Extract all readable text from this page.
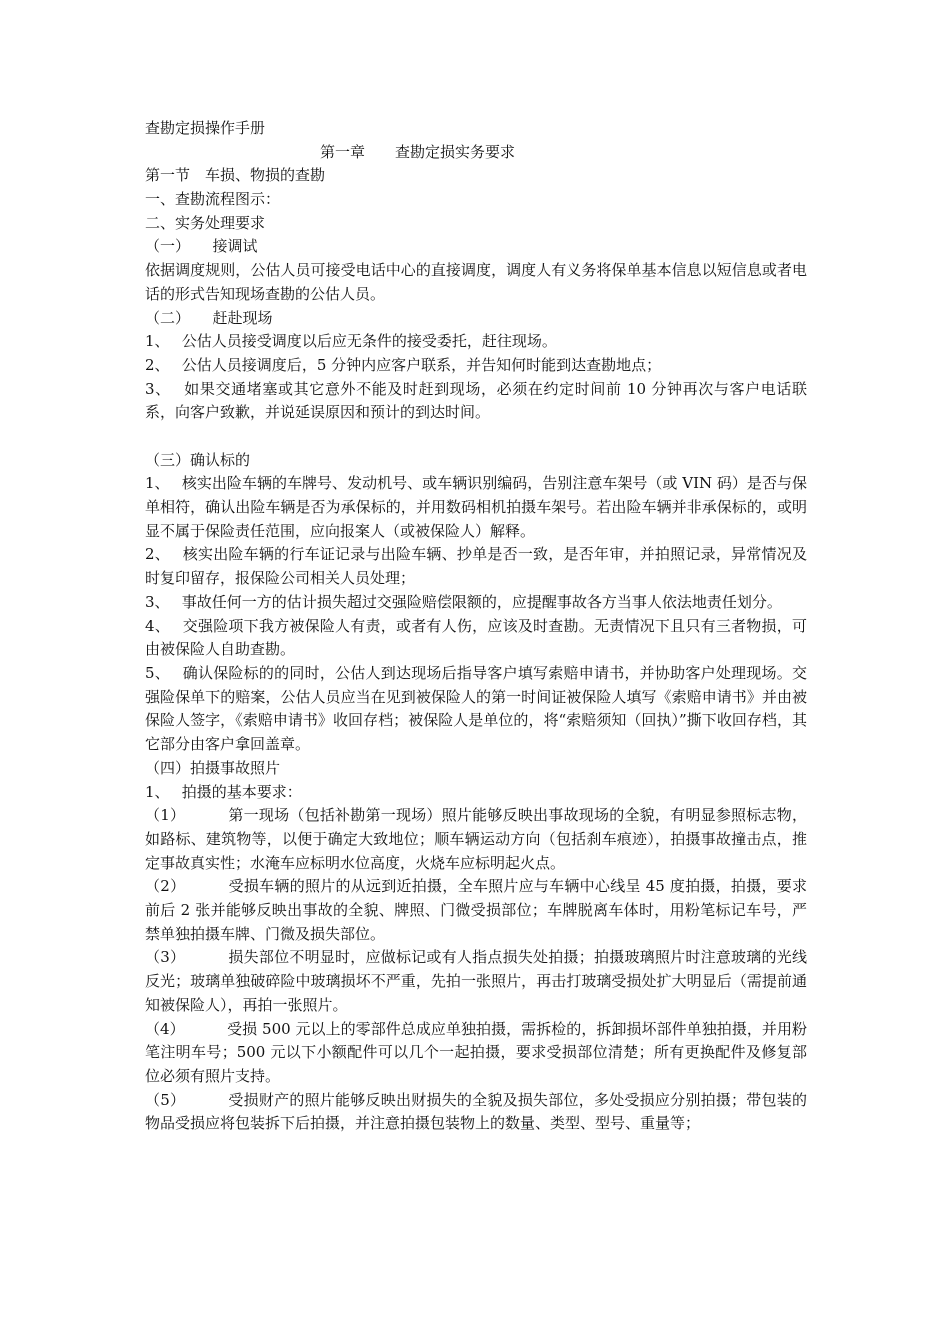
查勘定损操作手册
第一章　　查勘定损实务要求
第一节　车损、物损的查勘
一、查勘流程图示：
二、实务处理要求
（一）　　接调试

依据调度规则，公估人员可接受电话中心的直接调度，调度人有义务将保单基本信息以短信息或者电话的形式告知现场查勘的公估人员。

（二）　　赶赴现场
1、　 公估人员接受调度以后应无条件的接受委托，赶往现场。
2、　 公估人员接调度后，5 分钟内应客户联系，并告知何时能到达查勘地点；

3、　 如果交通堵塞或其它意外不能及时赶到现场，必须在约定时间前 10 分钟再次与客户电话联系，向客户致歉，并说延误原因和预计的到达时间。

（三）确认标的

1、　 核实出险车辆的车牌号、发动机号、或车辆识别编码，告别注意车架号（或 VIN 码）是否与保单相符，确认出险车辆是否为承保标的，并用数码相机拍摄车架号。若出险车辆并非承保标的，或明显不属于保险责任范围，应向报案人（或被保险人）解释。

2、　 核实出险车辆的行车证记录与出险车辆、抄单是否一致，是否年审，并拍照记录，异常情况及时复印留存，报保险公司相关人员处理；

3、　 事故任何一方的估计损失超过交强险赔偿限额的，应提醒事故各方当事人依法地责任划分。

4、　 交强险项下我方被保险人有责，或者有人伤，应该及时查勘。无责情况下且只有三者物损，可由被保险人自助查勘。

5、　 确认保险标的的同时，公估人到达现场后指导客户填写索赔申请书，并协助客户处理现场。交强险保单下的赔案，公估人员应当在见到被保险人的第一时间证被保险人填写《索赔申请书》并由被保险人签字，《索赔申请书》收回存档；被保险人是单位的，将“索赔须知（回执）”撕下收回存档，其它部分由客户拿回盖章。

（四）拍摄事故照片
1、　 拍摄的基本要求：

（1）　　　 第一现场（包括补勘第一现场）照片能够反映出事故现场的全貌，有明显参照标志物，如路标、建筑物等，以便于确定大致地位；顺车辆运动方向（包括刹车痕迹），拍摄事故撞击点，推定事故真实性；水淹车应标明水位高度，火烧车应标明起火点。

（2）　　　 受损车辆的照片的从远到近拍摄，全车照片应与车辆中心线呈 45 度拍摄，拍摄，要求前后 2 张并能够反映出事故的全貌、牌照、门微受损部位；车牌脱离车体时，用粉笔标记车号，严禁单独拍摄车牌、门微及损失部位。

（3）　　　 损失部位不明显时，应做标记或有人指点损失处拍摄；拍摄玻璃照片时注意玻璃的光线反光；玻璃单独破碎险中玻璃损坏不严重，先拍一张照片，再击打玻璃受损处扩大明显后（需提前通知被保险人），再拍一张照片。

（4）　　　 受损 500 元以上的零部件总成应单独拍摄，需拆检的，拆卸损坏部件单独拍摄，并用粉笔注明车号；500 元以下小额配件可以几个一起拍摄，要求受损部位清楚；所有更换配件及修复部位必须有照片支持。

（5）　　　 受损财产的照片能够反映出财损失的全貌及损失部位，多处受损应分别拍摄；带包装的物品受损应将包装拆下后拍摄，并注意拍摄包装物上的数量、类型、型号、重量等；
